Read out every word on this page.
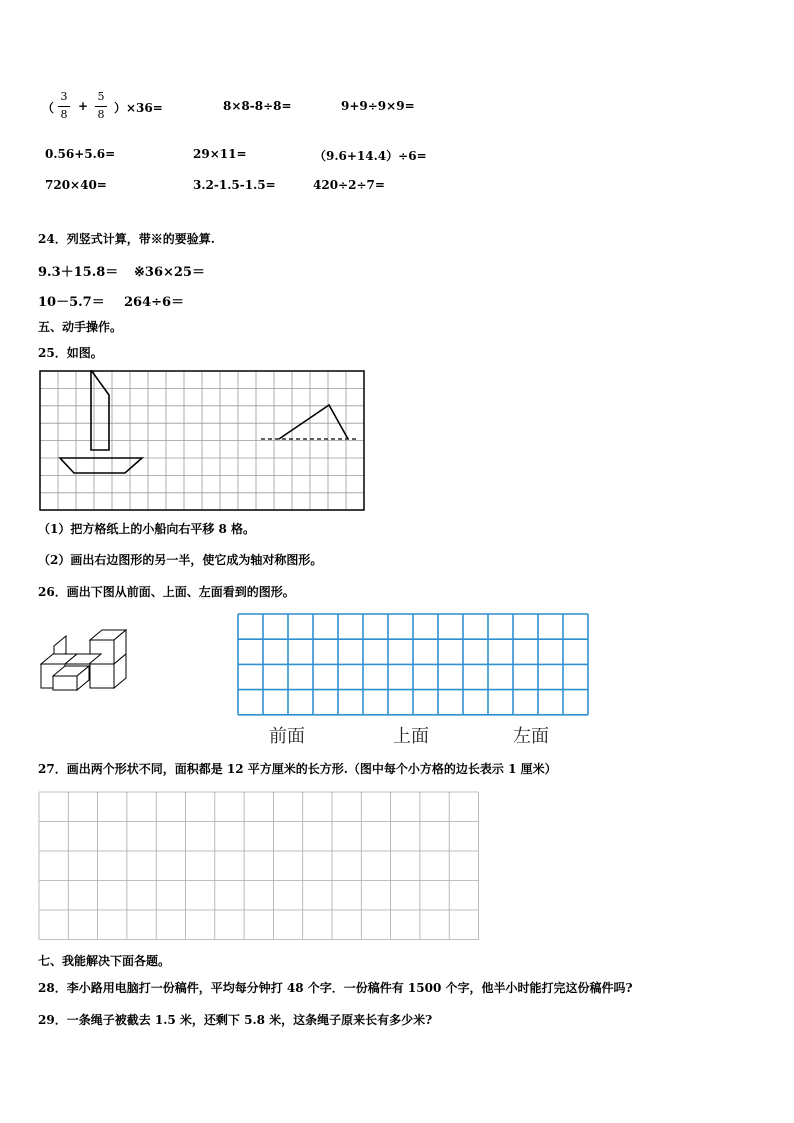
（
3
8
+
5
8 ）×36=	8×8-8÷8=	9+9÷9×9=
0.56+5.6=	29×11=	（9.6+14.4）÷6=
720×40=	3.2-1.5-1.5=	420÷2÷7=
24．列竖式计算，带※的要验算.
9.3＋15.8＝ ※36×25＝
10－5.7＝ 264÷6＝
五、动手操作。
25．如图。
（1）把方格纸上的小船向右平移 8 格。
（2）画出右边图形的另一半，使它成为轴对称图形。
26．画出下图从前面、上面、左面看到的图形。
前面	上面	左面
27．画出两个形状不同，面积都是 12 平方厘米的长方形.（图中每个小方格的边长表示 1 厘米）
七、我能解决下面各题。
28．李小路用电脑打一份稿件，平均每分钟打 48 个字．一份稿件有 1500 个字，他半小时能打完这份稿件吗?
29．一条绳子被截去 1.5 米，还剩下 5.8 米，这条绳子原来长有多少米?
